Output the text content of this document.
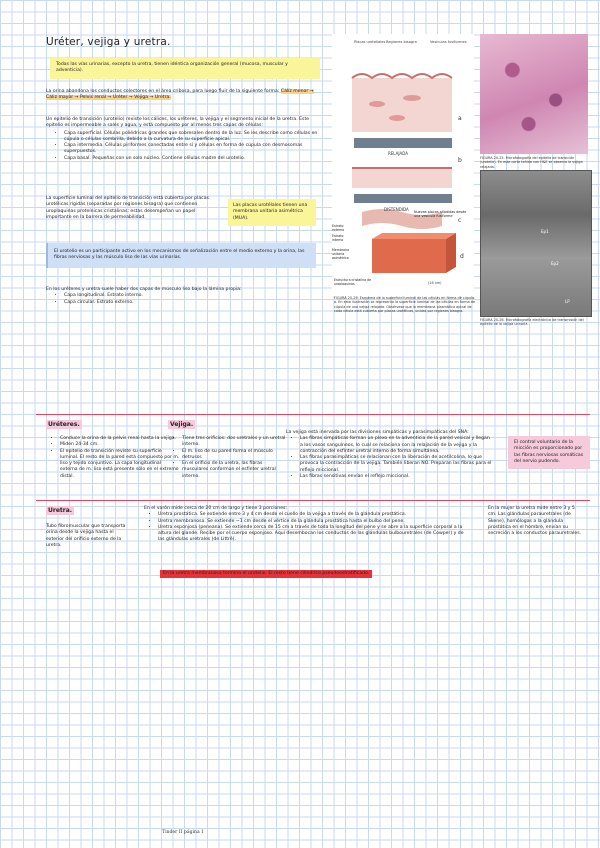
Uréter, vejiga y uretra.
Todas las vías urinarias, excepto la uretra, tienen idéntica organización general (mucosa, muscular y adventicia).
La orina abandona los conductos colectores en el área cribosa, para luego fluir de la siguiente forma: Cálíz menor → Cáliz mayor → Pelvis renal → Uréter → Vejiga → Uretra.
Un epitelio de transición (urotelio) reviste los cálices, los uréteres, la vejiga y el segmento inicial de la uretra. Este epitelio es impermeable a sales y agua, y está compuesto por al menos tres capas de células:
• Capa superficial. Células poliédricas grandes que sobresalen dentro de la luz. Se les describe como células en cúpula o células sombrilla, debido a la curvatura de su superficie apical.
• Capa intermedia. Células piriformes conectadas entre sí y células en forma de cúpula con desmosomas superpuestos.
• Capa basal. Pequeñas con un solo núcleo. Contiene células madre del urotelio.
La superficie luminal del epitelio de transición está cubierta por placas urotélicas rígidas (separadas por regiones bisagra) que contienen uroplaquinas proteínicas cristalinas; estas desempeñan un papel importante en la barrera de permeabilidad.
Las placas urotélales tienen una membrana unitaria asimétrica (MUA).
El urotelio es un participante activo en los mecanismos de señalización entre el medio externo y la orina, las fibras nerviosas y las músculo liso de las vías urinarias.
En los uréteres y uretra suele haber dos capas de músculo liso bajo la lámina propia:
• Capa longitudinal. Estrato interno.
• Capa circular. Estrato externo.
Placas uroteliales Regiones bisagra	Vesículas fusiformes
RELAJADA
DISTENDIDA
a
b
c
d
(16 nm)
Nuevas placas añadidas desde una vesícula fusiforme
Estrato externo
Estrato interno
Membrana unitaria asimétrica
Estructura cristalina de uroplaquinas
FIGURA 20-29. Esquema de la superficie luminal de las células en forma de cúpula. a. En esta ilustración se representa la superficie luminal de las células en forma de cúpula de una vejiga relajada. Obsérvese que la membrana plasmática apical de cada célula está cubierta por placas urotélicas, unidas por regiones bisagra.
FIGURA 20-25. Microfotografía del epitelio de transición (urotelio). En este corte teñido con H&E se observa la vejiga relajada.
Ep1
Ep2
LP
FIGURA 20-26. Microfotografía electrónica de transmisión del epitelio de la vejiga urinaria.
Uréteres.
• Conduce la orina de la pelvis renal hasta la vejiga.
• Miden 24-34 cm.
• El epitelio de transición reviste su superficie luminal. El resto de la pared está compuesto por m. liso y tejido conjuntivo. La capa longitudinal externa de m. liso está presente sólo en el extremo distal.
Vejiga.
• Tiene tres orificios: dos uretrales y un uretral interno.
• El m. liso de su pared forma el músculo detrusor.
• En el orificio de la uretra, las fibras musculares conforman el esfínter uretral interno.
La vejiga está inervada por las divisiones simpáticas y parasimpáticas del SNA:
• Las fibras simpáticas forman un plexo en la adventicia de la pared vesical y llegan a los vasos sanguíneos, lo cual se relaciona con la relajación de la vejiga y la contracción del esfínter uretral interno de forma simultánea.
• Las fibras parasimpáticas se relacionan con la liberación de acetilcolina, lo que provoca la contracción de la vejiga. También liberan NO. Preparan las fibras para el reflejo miccional.
• Las fibras sensitivas envían el reflejo miccional.
El control voluntario de la micción es proporcionado por las fibras nerviosas somáticas del nervio pudendo.
Uretra.
Tubo fibromuscular que transporta orina desde la vejiga hasta el exterior del orificio externo de la uretra.
En el varón mide cerca de 20 cm de largo y tiene 3 porciones:
• Uretra prostática. Se extiende entre 3 y 4 cm desde el cuello de la vejiga a través de la glándula prostática.
• Uretra membranosa. Se extiende ~1 cm desde el vértice de la glándula prostática hasta el bulbo del pene.
• Uretra esponjosa (peneana). Se extiende cerca de 15 cm a través de toda la longitud del pene y se abre a la superficie corporal a la altura del glande. Recibe por el cuerpo esponjoso. Aquí desembocan los conductos de las glándulas bulbouretrales (de Cowper) y de las glándulas uretrales (de Littré).
En la mujer la uretra mide entre 3 y 5 cm. Las glándulas parauretrales (de Skene), homólogas a la glándula prostática en el hombre, envían su secreción a los conductos parauretrales.
En la uretra membranosa termina el urotelio. El resto tiene cilíndrico pseudoestratificado.
Tinder II página 1
